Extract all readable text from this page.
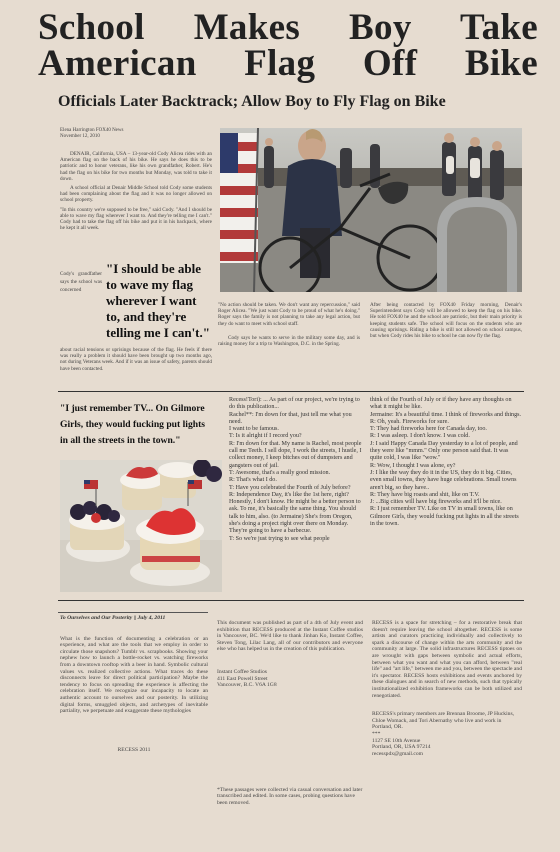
School Makes Boy Take American Flag Off Bike
Officials Later Backtrack; Allow Boy to Fly Flag on Bike
Elena Harrington FOX40 News
November 12, 2010

DENAIR, California, USA – 13-year-old Cody Alicea rides with an American flag on the back of his bike. He says he does this to be patriotic and to honor veterans, like his own grandfather, Robert. He's had the flag on his bike for two months but Monday, was told to take it down.

A school official at Denair Middle School told Cody some students had been complaining about the flag and it was no longer allowed on school property.

"In this country we're supposed to be free," said Cody. "And I should be able to wave my flag wherever I want to. And they're telling me I can't." Cody had to take the flag off his bike and put it in his backpack, where he kept it all week.

Cody's grandfather says the school was concerned
about racial tensions or uprisings because of the flag. He feels if there was really a problem it should have been brought up two months ago, not during Veterans week. And if it was an issue of safety, parents should have been contacted.
"I should be able to wave my flag wherever I want to, and they're telling me I can't."

"No action should be taken. We don't want any repercussion," said Roger Alicea. "We just want Cody to be proud of what he's doing." Roger says the family is not planning to take any legal action, but they do want to meet with school staff.

Cody says he wants to serve in the military some day, and is raising money for a trip to Washington, D.C. in the Spring.

After being contacted by FOX40 Friday morning, Denair's Superintendent says Cody will be allowed to keep the flag on his bike. He told FOX40 he and the school are patriotic, but their main priority is keeping students safe. The school will focus on the students who are causing uprisings. Riding a bike is still not allowed on school campus, but when Cody rides his bike to school he can now fly the flag.
"I just remember TV... On Gilmore Girls, they would fucking put lights in all the streets in the town."

Recess!Tori): ... As part of our project, we're trying to do this publication...

Rachel**: I'm down for that, just tell me what you need.

I want to be famous.

T: Is it alright if I record you?

R: I'm down for that. My name is Rachel, most people call me Teeth. I sell dope, I work the streets, I hustle, I collect money, I keep bitches out of dumpsters and gangsters out of jail.

T: Awesome, that's a really good mission.

R: That's what I do.

T: Have you celebrated the Fourth of July before?

R: Independence Day, it's like the 1st here, right? Honestly, I don't know. He might be a better person to ask. To me, it's basically the same thing. You should talk to him, also. (to Jermaine) She's from Oregon, she's doing a project right over there on Monday. They're going to have a barbecue.

T: So we're just trying to see what people

think of the Fourth of July or if they have any thoughts on what it might be like.

Jermaine: It's a beautiful time. I think of fireworks and things.

R: Oh, yeah. Fireworks for sure.

T: They had fireworks here for Canada day, too.

R: I was asleep. I don't know. I was cold.

J: I said Happy Canada Day yesterday to a lot of people, and they were like "mmm." Only one person said that. It was quite cold, I was like "wow."

R: Wow, I thought I was alone, ey?

J: I like the way they do it in the US, they do it big. Cities, even small towns, they have huge celebrations. Small towns aren't big, so they have..

R: They have big roasts and shit, like on T.V.

J: ...Big cities will have big fireworks and it'll be nice.

R: I just remember TV. Like on TV in small towns, like on Gilmore Girls, they would fucking put lights in all the streets in the town.

To Ourselves and Our Posterity || July 4, 2011

What is the function of documenting a celebration or an experience, and what are the tools that we employ in order to circulate those snapshots? Tumblr vs. scrapbooks. Showing your nephew how to launch a bottle-rocket vs. watching fireworks from a downtown rooftop with a beer in hand. Symbolic cultural values vs. realized collective actions. What traces do these disconnects leave for direct political participation? Maybe the tendency to focus on spreading the experience is affecting the celebration itself. We recognize our incapacity to locate an authentic account to ourselves and our posterity. In utilizing digital forms, smuggled objects, and archetypes of inevitable partiality, we perpetuate and exaggerate these mythologies

RECESS 2011

This document was published as part of a 4th of July event and exhibition that RECESS produced at the Instant Coffee studios in Vancouver, BC. We'd like to thank Jinhan Ko, Instant Coffee, Steven Tong, Lilac Lang, all of our contributors and everyone else who has helped us in the creation of this publication.

Instant Coffee Studios
411 East Powell Street
Vancouver, B.C. V6A 1G8

*These passages were collected via casual conversation and later transcribed and edited. In some cases, probing questions have been removed.

RECESS is a space for stretching – for a restorative break that doesn't require leaving the school altogether. RECESS is some artists and curators practicing individually and collectively to spark a discourse of change within the arts community and the community at large. The solid infrastructures RECESS tiptoes on are wrought with gaps between symbolic and actual efforts, between what you want and what you can afford, between "real life" and "art life," between me and you, between the spectacle and it's spectator. RECESS hosts exhibitions and events anchored by these dialogues and in search of new methods, such that typically institutionalized exhibition frameworks can be both utilized and renegotiated.

RECESS's primary members are Brennan Broome, JP Huckins, Chloe Womack, and Tori Abernathy who live and work in Portland, OR.
***
1127 SE 10th Avenue
Portland, OR, USA 97214
recesspdx@gmail.com
